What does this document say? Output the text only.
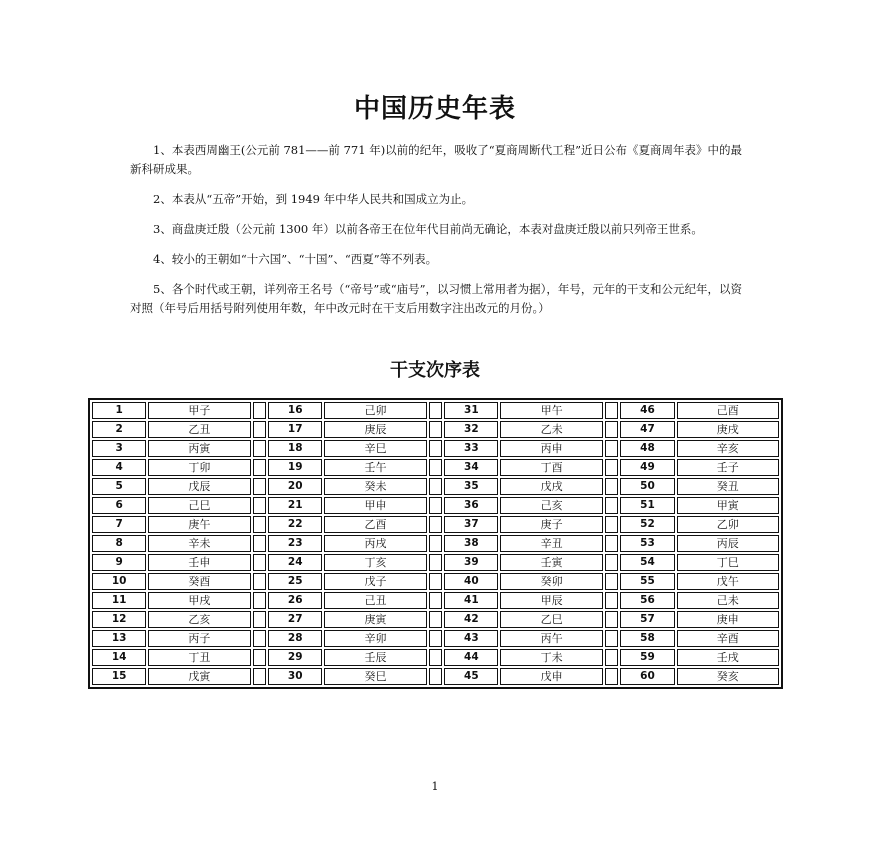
中国历史年表

1、本表西周幽王(公元前 781——前 771 年)以前的纪年，吸收了“夏商周断代工程”近日公布《夏商周年表》中的最新科研成果。

2、本表从“五帝”开始，到 1949 年中华人民共和国成立为止。

3、商盘庚迁殷（公元前 1300 年）以前各帝王在位年代目前尚无确论，本表对盘庚迁殷以前只列帝王世系。

4、较小的王朝如“十六国”、“十国”、“西夏”等不列表。

5、各个时代或王朝，详列帝王名号（“帝号”或“庙号”，以习惯上常用者为据），年号，元年的干支和公元纪年，以资对照（年号后用括号附列使用年数，年中改元时在干支后用数字注出改元的月份。）

干支次序表
1	甲子		16	己卯		31	甲午		46	己酉
2	乙丑		17	庚辰		32	乙未		47	庚戌
3	丙寅		18	辛巳		33	丙申		48	辛亥
4	丁卯		19	壬午		34	丁酉		49	壬子
5	戊辰		20	癸未		35	戊戌		50	癸丑
6	己巳		21	甲申		36	己亥		51	甲寅
7	庚午		22	乙酉		37	庚子		52	乙卯
8	辛未		23	丙戌		38	辛丑		53	丙辰
9	壬申		24	丁亥		39	壬寅		54	丁巳
10	癸酉		25	戊子		40	癸卯		55	戊午
11	甲戌		26	己丑		41	甲辰		56	己未
12	乙亥		27	庚寅		42	乙巳		57	庚申
13	丙子		28	辛卯		43	丙午		58	辛酉
14	丁丑		29	壬辰		44	丁未		59	壬戌
15	戊寅		30	癸巳		45	戊申		60	癸亥
1
